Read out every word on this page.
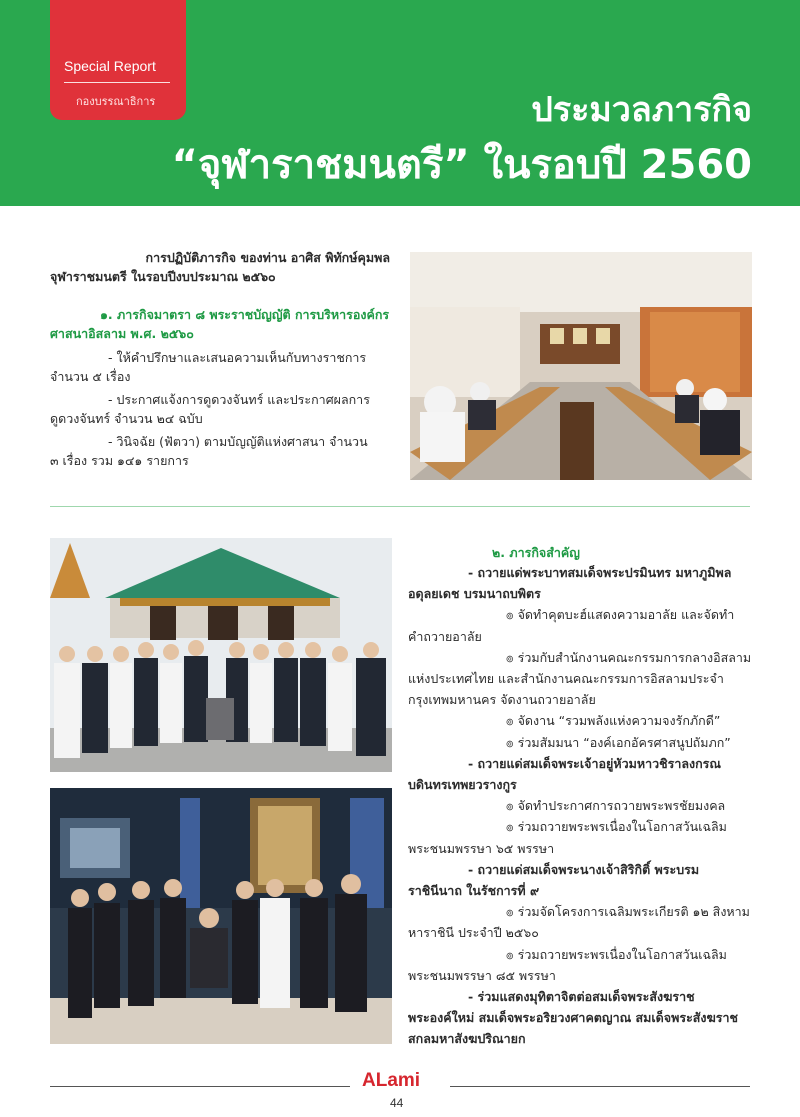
Special Report
กองบรรณาธิการ	ประมวลภารกิจ
“จุฬาราชมนตรี” ในรอบปี 2560
การปฏิบัติภารกิจ ของท่าน อาศิส พิทักษ์คุมพล
จุฬาราชมนตรี ในรอบปีงบประมาณ ๒๕๖๐
๑. ภารกิจมาตรา ๘ พระราชบัญญัติ การบริหารองค์กร
ศาสนาอิสลาม พ.ศ. ๒๕๖๐
- ให้คำปรึกษาและเสนอความเห็นกับทางราชการ
จำนวน ๕ เรื่อง
- ประกาศแจ้งการดูดวงจันทร์ และประกาศผลการ
ดูดวงจันทร์ จำนวน ๒๔ ฉบับ
- วินิจฉัย (ฟัตวา) ตามบัญญัติแห่งศาสนา จำนวน
๓ เรื่อง รวม ๑๔๑ รายการ
๒. ภารกิจสำคัญ
- ถวายแด่พระบาทสมเด็จพระปรมินทร มหาภูมิพล
อดุลยเดช บรมนาถบพิตร
๏ จัดทำคุตบะฮ์แสดงความอาลัย และจัดทำ
คำถวายอาลัย
๏ ร่วมกับสำนักงานคณะกรรมการกลางอิสลาม
แห่งประเทศไทย และสำนักงานคณะกรรมการอิสลามประจำ
กรุงเทพมหานคร จัดงานถวายอาลัย
๏ จัดงาน “รวมพลังแห่งความจงรักภักดี”
๏ ร่วมสัมมนา “องค์เอกอัครศาสนูปถัมภก”
- ถวายแด่สมเด็จพระเจ้าอยู่หัวมหาวชิราลงกรณ
บดินทรเทพยวรางกูร
๏ จัดทำประกาศการถวายพระพรชัยมงคล
๏ ร่วมถวายพระพรเนื่องในโอกาสวันเฉลิม
พระชนมพรรษา ๖๕ พรรษา
- ถวายแด่สมเด็จพระนางเจ้าสิริกิติ์ พระบรม
ราชินีนาถ ในรัชการที่ ๙
๏ ร่วมจัดโครงการเฉลิมพระเกียรติ ๑๒ สิงหาม
หาราชินี ประจำปี ๒๕๖๐
๏ ร่วมถวายพระพรเนื่องในโอกาสวันเฉลิม
พระชนมพรรษา ๘๕ พรรษา
- ร่วมแสดงมุทิตาจิตต่อสมเด็จพระสังฆราช
พระองค์ใหม่ สมเด็จพระอริยวงศาคตญาณ สมเด็จพระสังฆราช
สกลมหาสังฆปริณายก
ALami
44
